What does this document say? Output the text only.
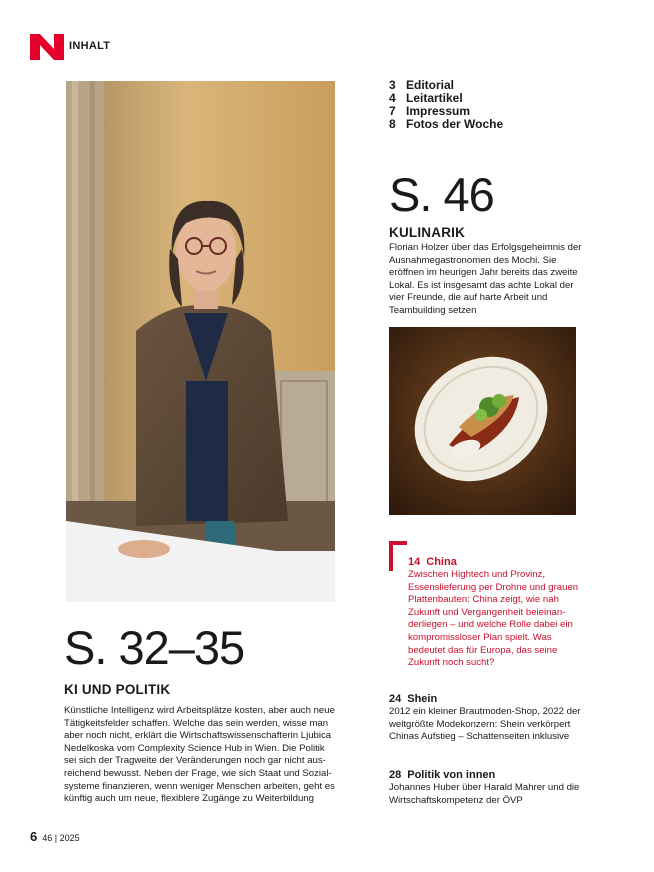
INHALT
3 Editorial
4 Leitartikel
7 Impressum
8 Fotos der Woche
S. 46
KULINARIK
Florian Holzer über das Erfolgsgeheimnis der Ausnahmegastronomen des Mochi. Sie eröffnen im heurigen Jahr bereits das zweite Lokal. Es ist insgesamt das achte Lokal der vier Freunde, die auf harte Arbeit und Teambuilding setzen
14 China
Zwischen Hightech und Provinz, Essenslieferung per Drohne und grauen Plattenbauten: China zeigt, wie nah Zukunft und Vergangenheit beieinan-derliegen – und welche Rolle dabei ein kompromissloser Plan spielt. Was bedeutet das für Europa, das seine Zukunft noch sucht?
24 Shein
2012 ein kleiner Brautmoden-Shop, 2022 der weltgrößte Modekonzern: Shein verkörpert Chinas Aufstieg – Schattenseiten inklusive
28 Politik von innen
Johannes Huber über Harald Mahrer und die Wirtschaftskompetenz der ÖVP
S. 32–35
KI UND POLITIK
Künstliche Intelligenz wird Arbeitsplätze kosten, aber auch neue Tätigkeitsfelder schaffen. Welche das sein werden, wisse man aber noch nicht, erklärt die Wirtschaftswissenschafterin Ljubica Nedelkoska vom Complexity Science Hub in Wien. Die Politik sei sich der Tragweite der Veränderungen noch gar nicht aus-reichend bewusst. Neben der Frage, wie sich Staat und Sozial-systeme finanzieren, wenn weniger Menschen arbeiten, geht es künftig auch um neue, flexiblere Zugänge zu Weiterbildung
6 46 | 2025
